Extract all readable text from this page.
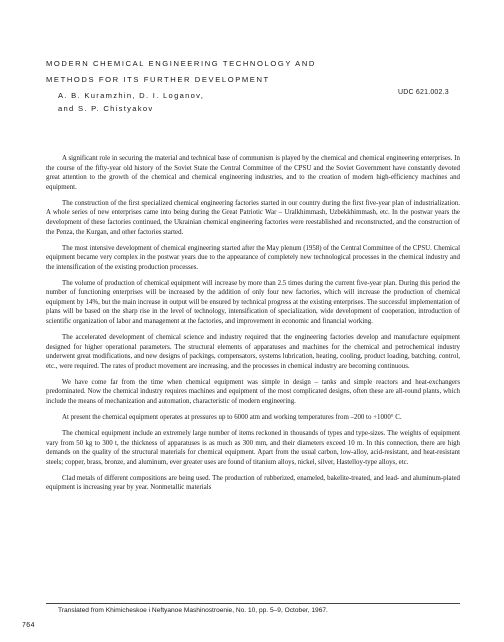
MODERN CHEMICAL ENGINEERING TECHNOLOGY AND
METHODS FOR ITS FURTHER DEVELOPMENT
A. B. Kuramzhin, D. I. Loganov,
and S. P. Chistyakov
UDC 621.002.3

A significant role in securing the material and technical base of communism is played by the chemical and chemical engineering enterprises. In the course of the fifty-year old history of the Soviet State the Central Committee of the CPSU and the Soviet Government have constantly devoted great attention to the growth of the chemical and chemical engineering industries, and to the creation of modern high-efficiency machines and equipment.

The construction of the first specialized chemical engineering factories started in our country during the first five-year plan of industrialization. A whole series of new enterprises came into being during the Great Patriotic War – Uralkhimmash, Uzbekkhimmash, etc. In the postwar years the development of these factories continued, the Ukrainian chemical engineering factories were reestablished and reconstructed, and the construction of the Penza, the Kurgan, and other factories started.

The most intensive development of chemical engineering started after the May plenum (1958) of the Central Committee of the CPSU. Chemical equipment became very complex in the postwar years due to the appearance of completely new technological processes in the chemical industry and the intensification of the existing production processes.

The volume of production of chemical equipment will increase by more than 2.5 times during the current five-year plan. During this period the number of functioning enterprises will be increased by the addition of only four new factories, which will increase the production of chemical equipment by 14%, but the main increase in output will be ensured by technical progress at the existing enterprises. The successful implementation of plans will be based on the sharp rise in the level of technology, intensification of specialization, wide development of cooperation, introduction of scientific organization of labor and management at the factories, and improvement in economic and financial working.

The accelerated development of chemical science and industry required that the engineering factories develop and manufacture equipment designed for higher operational parameters. The structural elements of apparatuses and machines for the chemical and petrochemical industry underwent great modifications, and new designs of packings, compensators, systems lubrication, heating, cooling, product loading, batching, control, etc., were required. The rates of product movement are increasing, and the processes in chemical industry are becoming continuous.

We have come far from the time when chemical equipment was simple in design – tanks and simple reactors and heat-exchangers predominated. Now the chemical industry requires machines and equipment of the most complicated designs, often these are all-round plants, which include the means of mechanization and automation, characteristic of modern engineering.

At present the chemical equipment operates at pressures up to 6000 atm and working temperatures from –200 to +1000° C.

The chemical equipment include an extremely large number of items reckoned in thousands of types and type-sizes. The weights of equipment vary from 50 kg to 300 t, the thickness of apparatuses is as much as 300 mm, and their diameters exceed 10 m. In this connection, there are high demands on the quality of the structural materials for chemical equipment. Apart from the usual carbon, low-alloy, acid-resistant, and heat-resistant steels; copper, brass, bronze, and aluminum, ever greater uses are found of titanium alloys, nickel, silver, Hastelloy-type alloys, etc.

Clad metals of different compositions are being used. The production of rubberized, enameled, bakelite-treated, and lead- and aluminum-plated equipment is increasing year by year. Nonmetallic materials

Translated from Khimicheskoe i Neftyanoe Mashinostroenie, No. 10, pp. 5–9, October, 1967.
764
